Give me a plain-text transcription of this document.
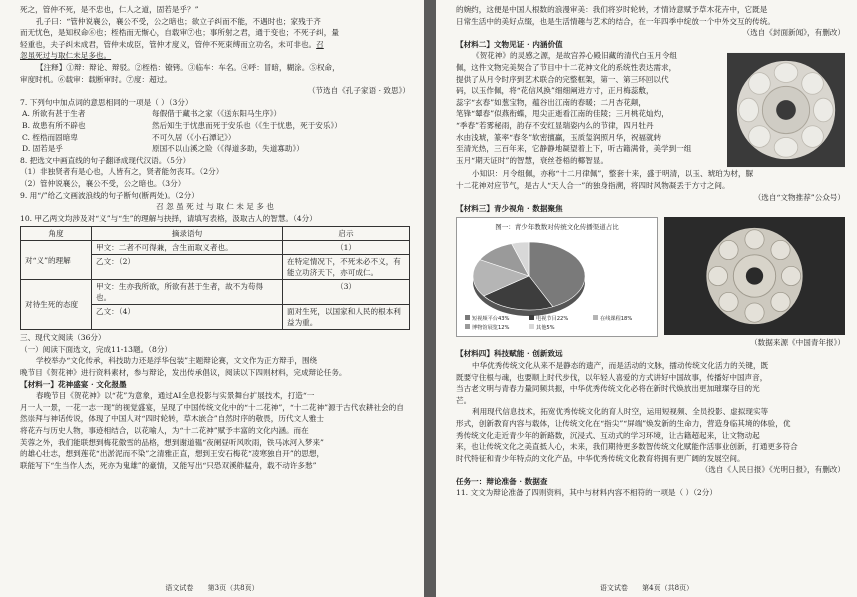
死之，管仲不死，是不忠也，仁人之道，固若是乎？”

孔子曰：“管仲说襄公，襄公不受，公之暗也；欲立子纠而不能，不遇时也；家残于齐

而无忧色，是知权命⑥也；桎梏而无惭心，自载审⑦也；事所射之君，通于变也；不死子纠，量

轻重也，夫子纠未成君，管仲未成臣，管仲才度义，管仲不死束缚而立功名，未可非也。召

忽虽死过与取仁未足多也。

【注释】①辩：辩论、辩驳。②桎梏：镣铐。③临车：车名。④呼：冒暗，糊涂。⑤权命，

审度时机。⑥载审：载断审时。⑦度：超过。

（节选自《孔子家语 · 致思》）

7. 下列句中加点词的意思相同的一项是（ ）（3分）

A. 所欲有甚于生者	每假借于藏书之家（《送东阳马生序》）
B. 故患有所不辟也	然后知生于忧患而死于安乐也（《生于忧患，死于安乐》）
C. 桎梏而固暗卑	不可久居（《小石潭记》）
D. 固若是乎	原国不以山溪之险（《得道多助，失道寡助》）

8. 把选文中画直线的句子翻译成现代汉语。（5分）

（1）非独贤者有是心也，人皆有之，贤者能勿丧耳。（2分）

（2）管仲说襄公，襄公不受，公之暗也。（3分）

9. 用“/”给乙文画波浪线的句子断句(断两处)。（2分）

召 忽 虽 死 过 与 取 仁 未 足 多 也

10. 甲乙两文均涉及对“义”与“生”的理解与抉择，请填写表格，汲取古人的智慧。（4分）

角度	摘录语句	启示
对“义”的理解	甲文：二者不可得兼，含生而取义者也。	（1）
	乙文：（2）	在特定情况下，不死未必不义，有能立功济天下，亦可成仁。
对待生死的态度	甲文：生亦我所欲，所欲有甚于生者，故不为苟得也。	（3）
	乙文：（4）	面对生死，以国家和人民的根本利益为重。

三、现代文阅读（36分）

（一）阅读下面选文，完成11-13题。（8分）

学校举办“文化传承，科技助力还是浮华包装”主题辩论赛，文文作为正方辩手，围绕

晚节目《贺花神》进行资料素材，参与辩论，发出传承倡议，阅读以下四则材料，完成辩论任务。

【材料一】花神盛宴 · 文化报墨

春晚节目《贺花神》以“花”为意象，通过AI全息投影与实景舞台扩展技术，打造“一

月一人一景，一花一志一现”的视觉盛宴，呈现了中国传统文化中的“十二花神”，“十二花神”源于古代农耕社会的自

然崇拜与神话传说，体现了中国人对“四时轮转，草木嵌合”自然时序的敬畏，历代文人雅士

将花卉与历史人物，事迹相结合，以花喻人，为“十二花神”赋予丰富的文化内涵。而在

芙蓉之外，我们能联想到梅花傲雪的品格，想到谢道韫“夜阑昼听风吹雨，铁马冰河入梦来”

的雄心壮志，想到莲花“出淤泥而不染”之清雅正直，想到王安石梅花“凌寒独自开”的思想，

联能写下“生当作人杰，死亦为鬼雄”的豪情，又能写出“只恐双溪舴艋舟，载不动许多愁”

语文试卷 第3页（共8页）

的婉约，这便是中国人根数的浪漫审美：我们将岁时轮转，才情诗意赋予草木花卉中，它既是

日常生活中的美好点缀，也是生活情趣与艺术的结合，在一年四季中绽放一个中外交互的传统。

（选自《封面新闻》，有删改）

【材料二】文物见证 · 内涵价值

《贺花神》的灵感之源，是故宫养心殿旧藏的清代白玉月令组

佩，这件文物完美契合了节目中十二花神文化的系统性表达需求，

提供了从月令时序到艺术联合的完整框架，第一、第三环回以代

码，以玉作佩，将“花信风换”细细阐进方寸，正月梅蕊敷，

蕊字“玄春”如葱宝物，蕴谷出江南的春暖；二月杏花颠，

笔锋“颦春”似燕衔蝶，甩尖正逝看江南的佳陵；三月桃花灿灼，

“季春”若雾秘雨，韵存不安红显瑞姿内么的节律，四月牡丹

水由浅琥，篆率“春冬”软密擅贏，玉质玺润照月华，祝福就转

至清光热，三百年来，它静静地凝望着上下，听古籍满骨，美学到一组

玉月“期天证时”的智慧，衰丝苍梧的椰智显。

小知识：月令组佩，亦称“十二月律佩”，整套十来，盛于明清，以玉、琥珀为材，脲

十二花神对应节气，是古人“天人合一”的独身指溯，将四时风物凝丢于方寸之间。

（选自“文物推荐”公众号）

【材料三】青少视角 · 数据聚焦

图一：青少年教数对传统文化传播渠道占比
短视频平台43%	电视节目22%	在线课程18%
博物馆展览12%	其他5%

（数据来源《中国青年报》）

【材料四】科技赋能 · 创新致远

中华优秀传统文化从来不是静态的遗产，而是活动的文脉，擂动传统文化活力的关键，既

既要守住根与魂，也要顺上时代步伐，以年轻人喜爱的方式讲好中国故事，传播好中国声音，

当古老文明与青春力量同频共振，中华优秀传统文化必将在新时代焕放出更加璀璨夺目的光

芒。

利用现代信息技术，拓宽优秀传统文化的育人时空，运用短视频、全员投影、虚拟现实等

形式，创新教育内容与载体，让传统文化在“指尖”“屏端”焕发新的生命力，营造身临其境的体验，优

秀传统文化走近青少年的新路数，沉浸式、互动式的学习环境，让古籍超起来，让文物动起

来，也让传统文化之美直抵人心，未来，我们期待更多数智传统文化赋能作活事业创新，打通更多符合

时代特征和青少年特点的文化产品，中华优秀传统文化教育将拥有更广阔的发展空间。

（选自《人民日报》《光明日报》，有删改）

任务一：辩论准备 · 数据查

11. 文文为辩论准备了四则资料，其中与材料内容不相符的一项是（ ）（2分）

语文试卷 第4页（共8页）
